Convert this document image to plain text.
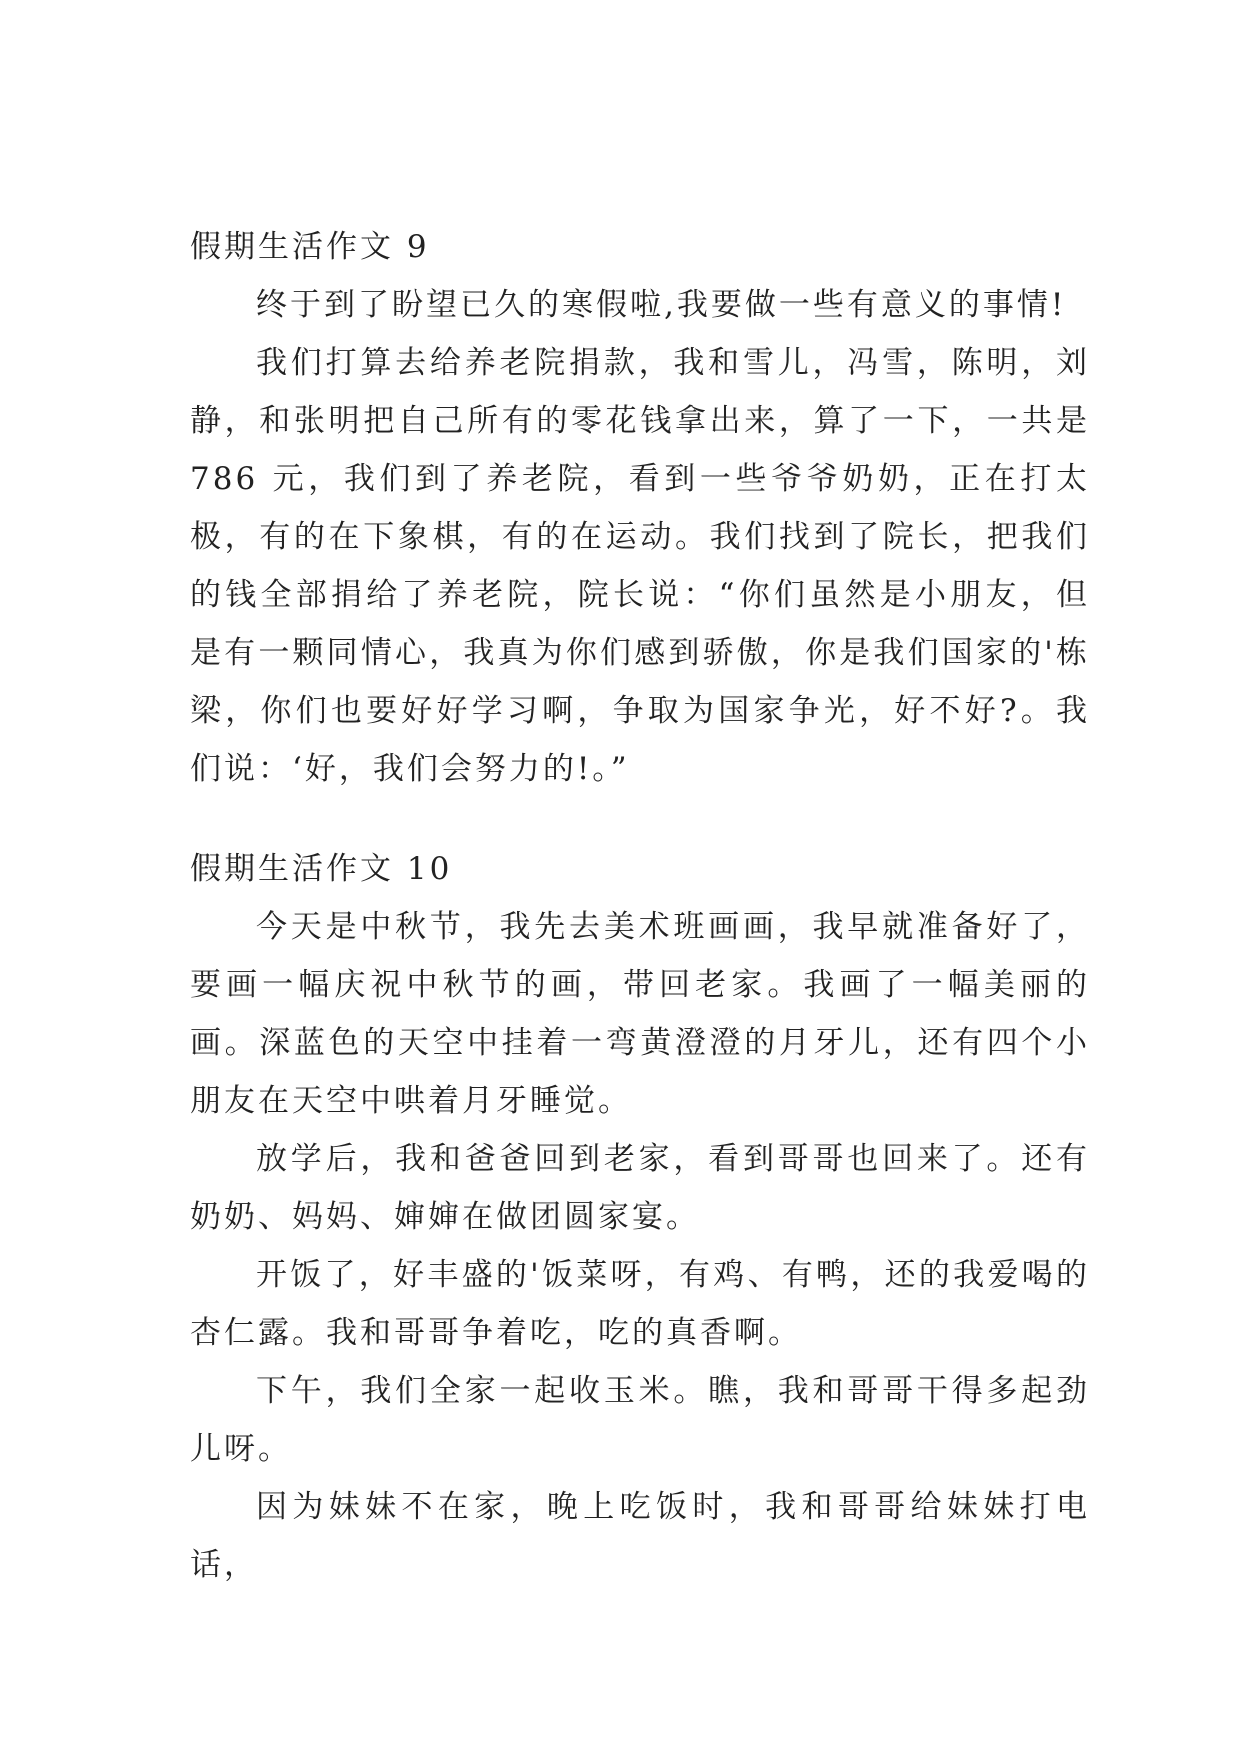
假期生活作文 9

终于到了盼望已久的寒假啦,我要做一些有意义的事情!

我们打算去给养老院捐款，我和雪儿，冯雪，陈明，刘静，和张明把自己所有的零花钱拿出来，算了一下，一共是 786 元，我们到了养老院，看到一些爷爷奶奶，正在打太极，有的在下象棋，有的在运动。我们找到了院长，把我们的钱全部捐给了养老院，院长说：“你们虽然是小朋友，但是有一颗同情心，我真为你们感到骄傲，你是我们国家的'栋梁，你们也要好好学习啊，争取为国家争光，好不好?。我们说：‘好，我们会努力的!。”

假期生活作文 10

今天是中秋节，我先去美术班画画，我早就准备好了，要画一幅庆祝中秋节的画，带回老家。我画了一幅美丽的画。深蓝色的天空中挂着一弯黄澄澄的月牙儿，还有四个小朋友在天空中哄着月牙睡觉。

放学后，我和爸爸回到老家，看到哥哥也回来了。还有奶奶、妈妈、婶婶在做团圆家宴。

开饭了，好丰盛的'饭菜呀，有鸡、有鸭，还的我爱喝的杏仁露。我和哥哥争着吃，吃的真香啊。

下午，我们全家一起收玉米。瞧，我和哥哥干得多起劲儿呀。

因为妹妹不在家，晚上吃饭时，我和哥哥给妹妹打电话，
